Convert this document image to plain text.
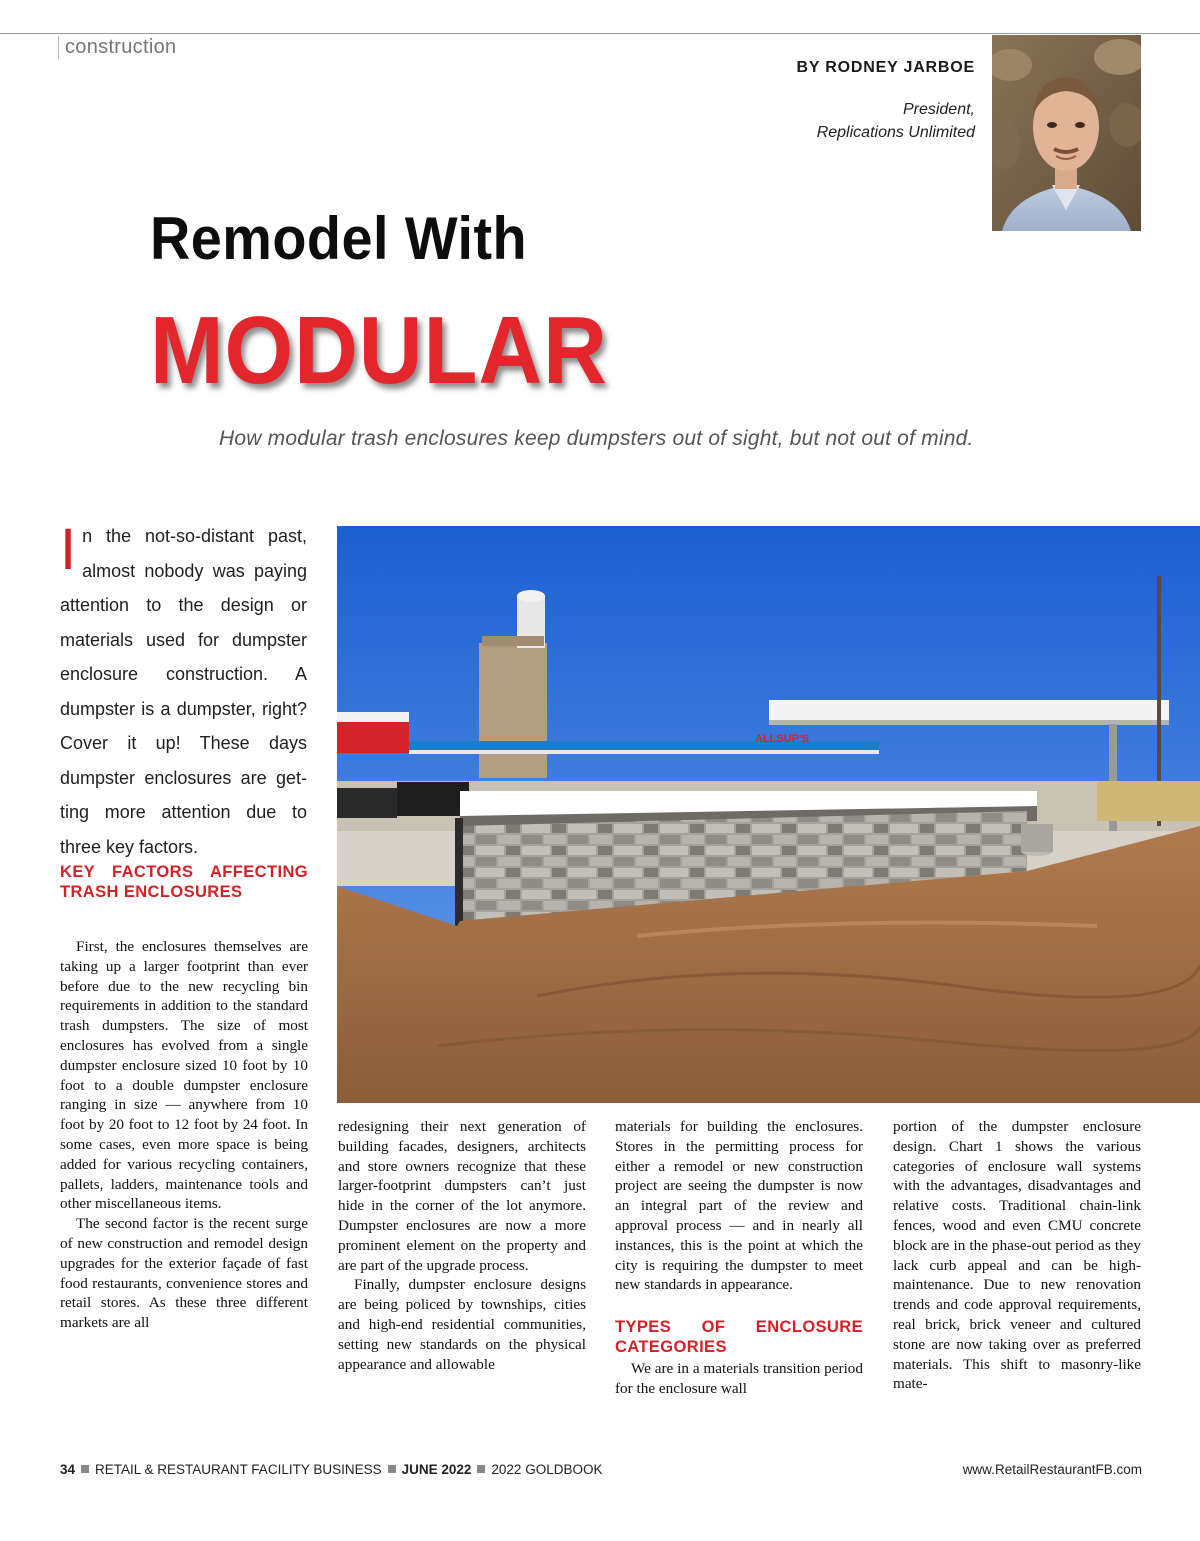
construction
BY RODNEY JARBOE
President,
Replications Unlimited
Remodel With
MODULAR
How modular trash enclosures keep dumpsters out of sight, but not out of mind.
ALLSUP'S
In the not-so-distant past, almost nobody was paying attention to the design or materials used for dumpster enclosure construction. A dumpster is a dumpster, right? Cover it up! These days dumpster enclosures are getting more attention due to three key factors.
KEY FACTORS AFFECTING TRASH ENCLOSURES

First, the enclosures themselves are taking up a larger footprint than ever before due to the new recycling bin requirements in addition to the standard trash dumpsters. The size of most enclosures has evolved from a single dumpster enclosure sized 10 foot by 10 foot to a double dumpster enclosure ranging in size — anywhere from 10 foot by 20 foot to 12 foot by 24 foot. In some cases, even more space is being added for various recycling containers, pallets, ladders, maintenance tools and other miscellaneous items.

The second factor is the recent surge of new construction and remodel design upgrades for the exterior façade of fast food restaurants, convenience stores and retail stores. As these three different markets are all

redesigning their next generation of building facades, designers, architects and store owners recognize that these larger-footprint dumpsters can’t just hide in the corner of the lot anymore. Dumpster enclosures are now a more prominent element on the property and are part of the upgrade process.

Finally, dumpster enclosure designs are being policed by townships, cities and high-end residential communities, setting new standards on the physical appearance and allowable

materials for building the enclosures. Stores in the permitting process for either a remodel or new construction project are seeing the dumpster is now an integral part of the review and approval process — and in nearly all instances, this is the point at which the city is requiring the dumpster to meet new standards in appearance.

TYPES OF ENCLOSURE CATEGORIES

We are in a materials transition period for the enclosure wall

portion of the dumpster enclosure design. Chart 1 shows the various categories of enclosure wall systems with the advantages, disadvantages and relative costs. Traditional chain-link fences, wood and even CMU concrete block are in the phase-out period as they lack curb appeal and can be high-maintenance. Due to new renovation trends and code approval requirements, real brick, brick veneer and cultured stone are now taking over as preferred materials. This shift to masonry-like mate-

34 RETAIL & RESTAURANT FACILITY BUSINESS JUNE 2022 2022 GOLDBOOK	www.RetailRestaurantFB.com
